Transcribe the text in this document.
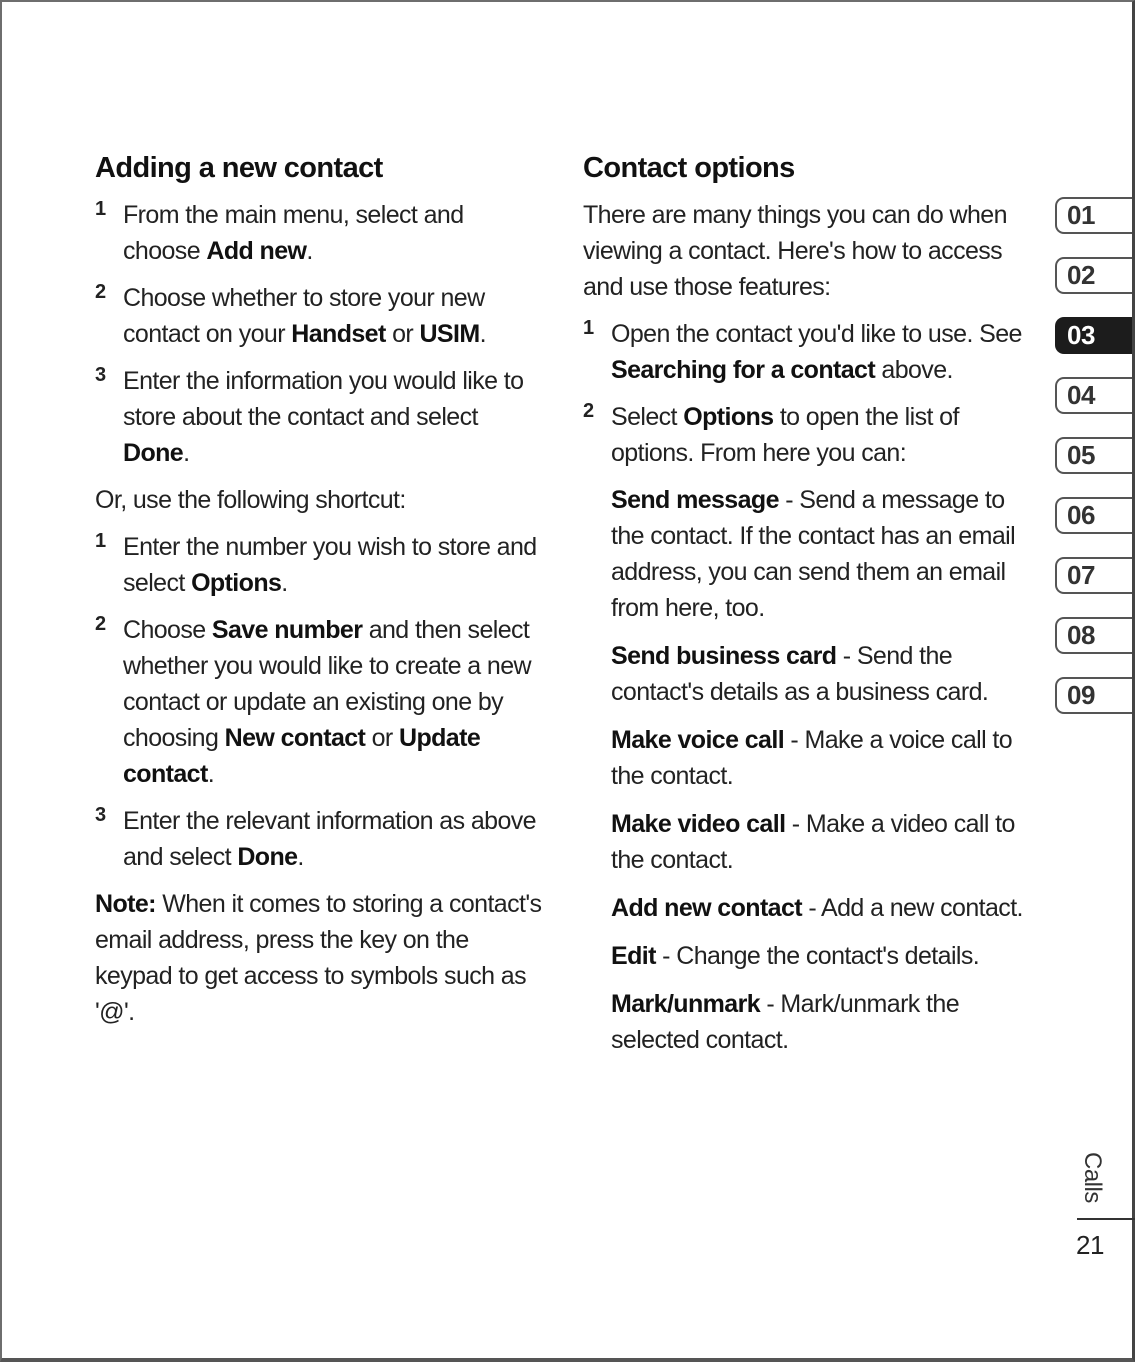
Adding a new contact
1 From the main menu, select and choose Add new.
2 Choose whether to store your new contact on your Handset or USIM.
3 Enter the information you would like to store about the contact and select Done.

Or, use the following shortcut:

1 Enter the number you wish to store and select Options.
2 Choose Save number and then select whether you would like to create a new contact or update an existing one by choosing New contact or Update contact.
3 Enter the relevant information as above and select Done.

Note: When it comes to storing a contact's email address, press the key on the keypad to get access to symbols such as '@'.

Contact options

There are many things you can do when viewing a contact. Here's how to access and use those features:

1 Open the contact you'd like to use. See Searching for a contact above.
2 Select Options to open the list of options. From here you can:

Send message - Send a message to the contact. If the contact has an email address, you can send them an email from here, too.

Send business card - Send the contact's details as a business card.

Make voice call - Make a voice call to the contact.

Make video call - Make a video call to the contact.

Add new contact - Add a new contact.

Edit - Change the contact's details.

Mark/unmark - Mark/unmark the selected contact.

01
02
03
04
05
06
07
08
09
Calls
21
